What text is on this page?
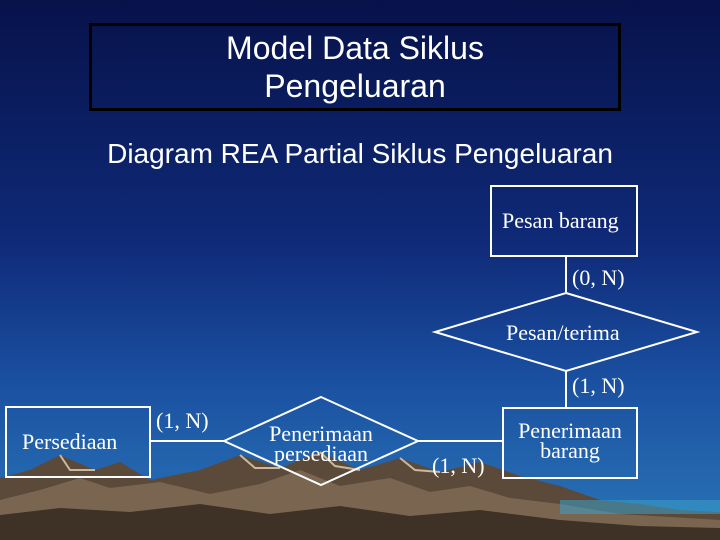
Model Data Siklus
Pengeluaran
Diagram REA Partial Siklus Pengeluaran
Pesan barang
Pesan/terima
Persediaan	Penerimaan
persediaan
Penerimaan
barang
(0, N)
(1, N)
(1, N)
(1, N)
